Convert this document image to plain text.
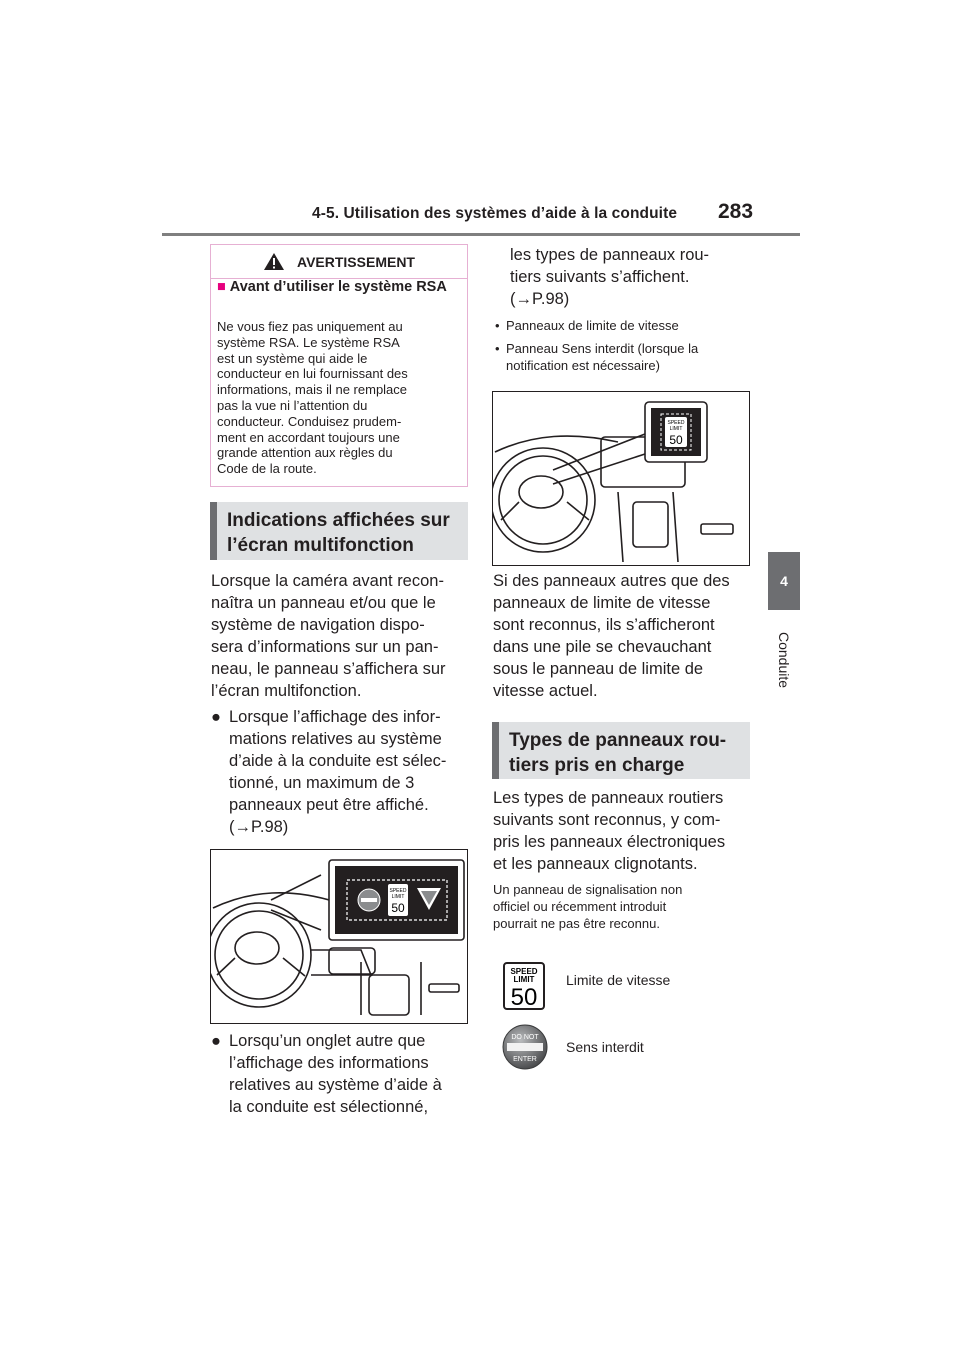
4-5. Utilisation des systèmes d’aide à la conduite 283
4
Conduite
AVERTISSEMENT
■	Avant d’utiliser le système RSA
Ne vous fiez pas uniquement au
système RSA. Le système RSA
est un système qui aide le
conducteur en lui fournissant des
informations, mais il ne remplace
pas la vue ni l’attention du
conducteur. Conduisez prudem-
ment en accordant toujours une
grande attention aux règles du
Code de la route.
Indications affichées sur
l’écran multifonction
Lorsque la caméra avant recon-
naîtra un panneau et/ou que le
système de navigation dispo-
sera d’informations sur un pan-
neau, le panneau s’affichera sur
l’écran multifonction.
● Lorsque l’affichage des infor-
mations relatives au système
d’aide à la conduite est sélec-
tionné, un maximum de 3
panneaux peut être affiché.
(→P.98)
SPEED
LIMIT
50
● Lorsqu’un onglet autre que
l’affichage des informations
relatives au système d’aide à
la conduite est sélectionné,
les types de panneaux rou-
tiers suivants s’affichent.
(→P.98)
• Panneaux de limite de vitesse
• Panneau Sens interdit (lorsque la
notification est nécessaire)
SPEED
LIMIT
50
Si des panneaux autres que des
panneaux de limite de vitesse
sont reconnus, ils s’afficheront
dans une pile se chevauchant
sous le panneau de limite de
vitesse actuel.
Types de panneaux rou-
tiers pris en charge
Les types de panneaux routiers
suivants sont reconnus, y com-
pris les panneaux électroniques
et les panneaux clignotants.
Un panneau de signalisation non
officiel ou récemment introduit
pourrait ne pas être reconnu.
SPEED
LIMIT
50
Limite de vitesse
DO NOT
ENTER
Sens interdit
